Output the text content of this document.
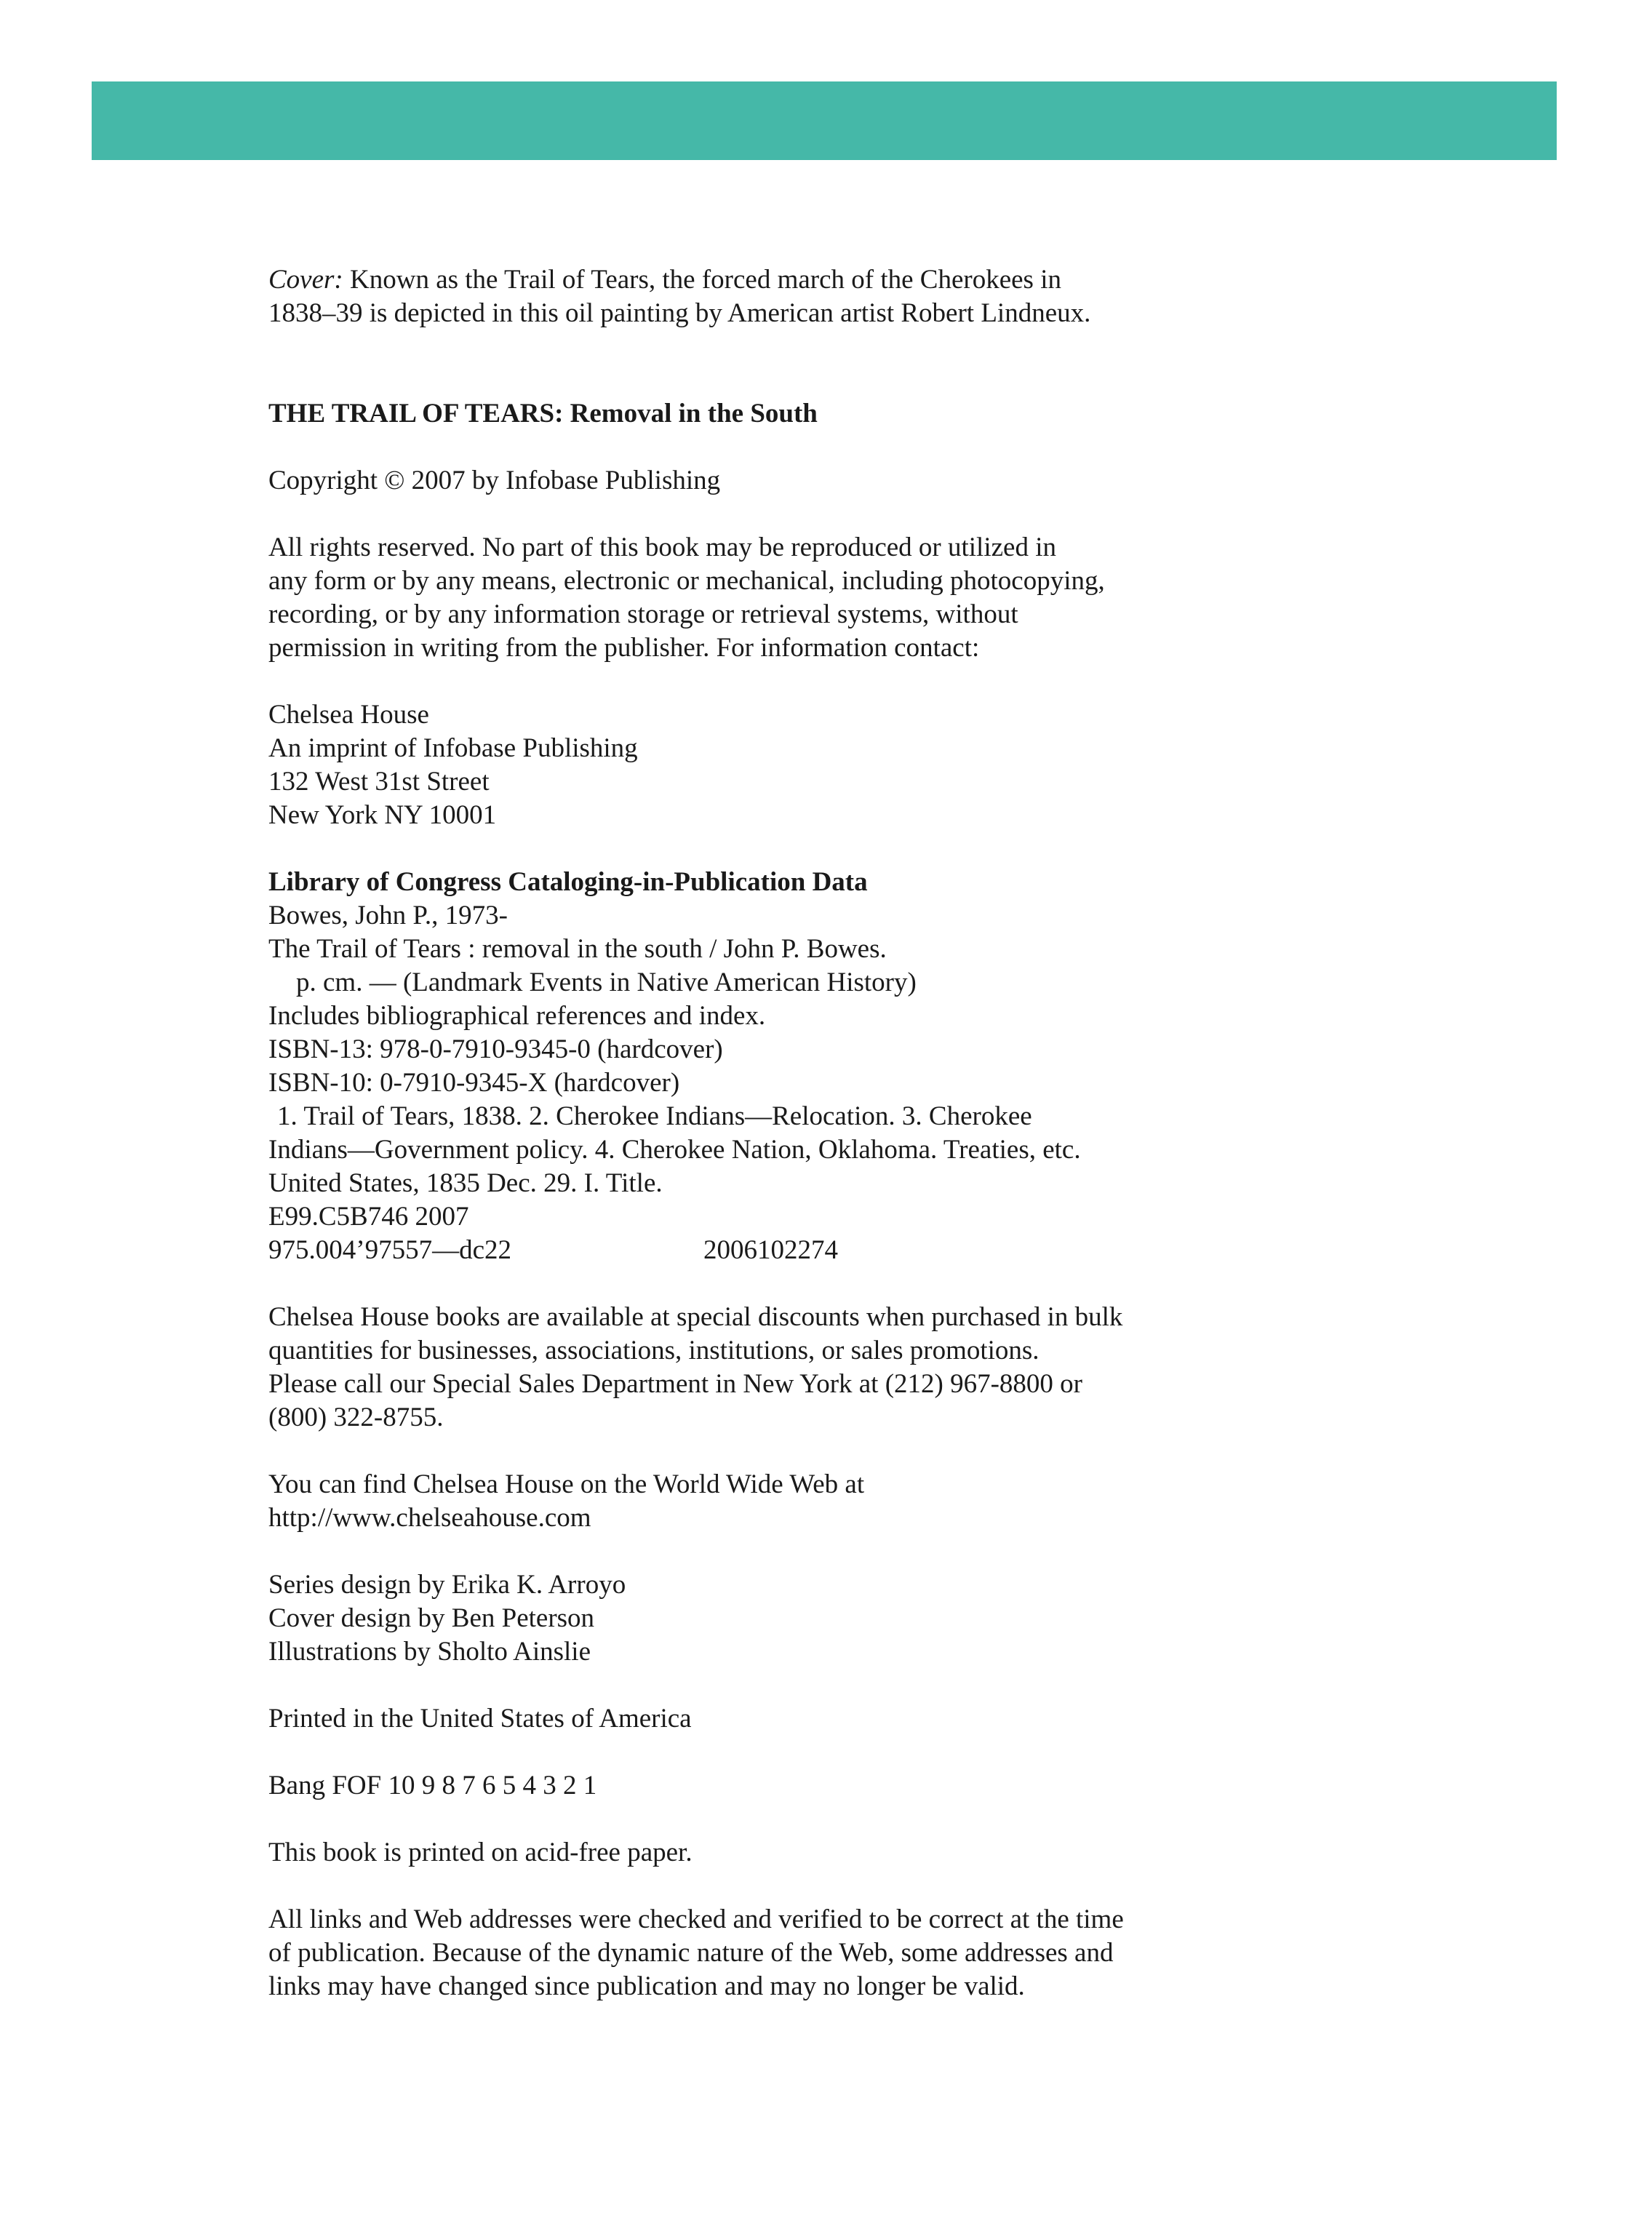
Cover: Known as the Trail of Tears, the forced march of the Cherokees in
1838–39 is depicted in this oil painting by American artist Robert Lindneux.

THE TRAIL OF TEARS: Removal in the South

Copyright © 2007 by Infobase Publishing

All rights reserved. No part of this book may be reproduced or utilized in
any form or by any means, electronic or mechanical, including photocopying,
recording, or by any information storage or retrieval systems, without
permission in writing from the publisher. For information contact:

Chelsea House
An imprint of Infobase Publishing
132 West 31st Street
New York NY 10001

Library of Congress Cataloging-in-Publication Data
Bowes, John P., 1973-
The Trail of Tears : removal in the south / John P. Bowes.
p. cm. — (Landmark Events in Native American History)
Includes bibliographical references and index.
ISBN-13: 978-0-7910-9345-0 (hardcover)
ISBN-10: 0-7910-9345-X (hardcover)
1. Trail of Tears, 1838. 2. Cherokee Indians—Relocation. 3. Cherokee
Indians—Government policy. 4. Cherokee Nation, Oklahoma. Treaties, etc.
United States, 1835 Dec. 29. I. Title.
E99.C5B746 2007
975.004’97557—dc22	2006102274

Chelsea House books are available at special discounts when purchased in bulk
quantities for businesses, associations, institutions, or sales promotions.
Please call our Special Sales Department in New York at (212) 967-8800 or
(800) 322-8755.

You can find Chelsea House on the World Wide Web at
http://www.chelseahouse.com

Series design by Erika K. Arroyo
Cover design by Ben Peterson
Illustrations by Sholto Ainslie

Printed in the United States of America

Bang FOF 10 9 8 7 6 5 4 3 2 1

This book is printed on acid-free paper.

All links and Web addresses were checked and verified to be correct at the time
of publication. Because of the dynamic nature of the Web, some addresses and
links may have changed since publication and may no longer be valid.
